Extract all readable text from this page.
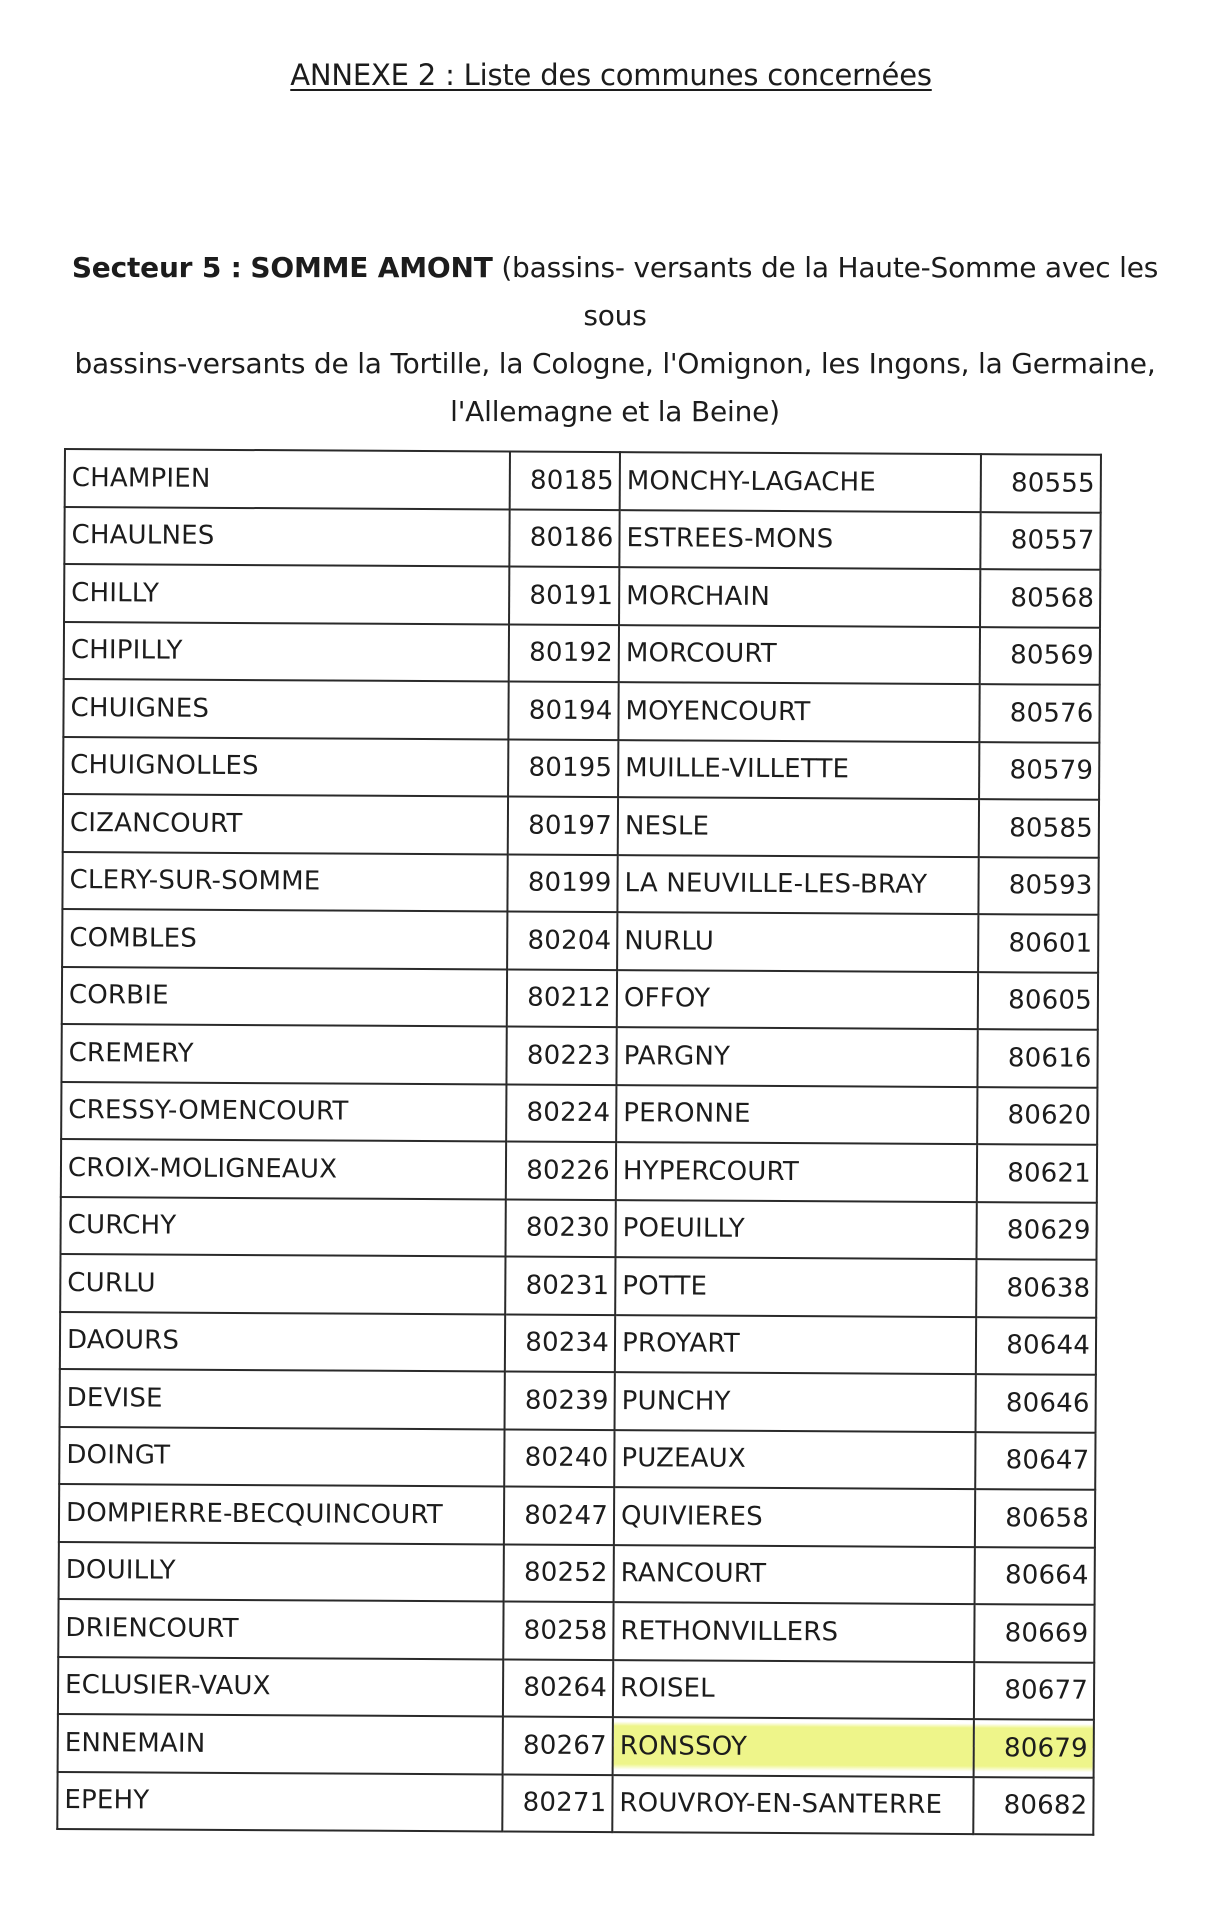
ANNEXE 2 : Liste des communes concernées
Secteur 5 : SOMME AMONT (bassins- versants de la Haute-Somme avec les sous
bassins-versants de la Tortille, la Cologne, l'Omignon, les Ingons, la Germaine,
l'Allemagne et la Beine)
CHAMPIEN	80185	MONCHY-LAGACHE	80555
CHAULNES	80186	ESTREES-MONS	80557
CHILLY	80191	MORCHAIN	80568
CHIPILLY	80192	MORCOURT	80569
CHUIGNES	80194	MOYENCOURT	80576
CHUIGNOLLES	80195	MUILLE-VILLETTE	80579
CIZANCOURT	80197	NESLE	80585
CLERY-SUR-SOMME	80199	LA NEUVILLE-LES-BRAY	80593
COMBLES	80204	NURLU	80601
CORBIE	80212	OFFOY	80605
CREMERY	80223	PARGNY	80616
CRESSY-OMENCOURT	80224	PERONNE	80620
CROIX-MOLIGNEAUX	80226	HYPERCOURT	80621
CURCHY	80230	POEUILLY	80629
CURLU	80231	POTTE	80638
DAOURS	80234	PROYART	80644
DEVISE	80239	PUNCHY	80646
DOINGT	80240	PUZEAUX	80647
DOMPIERRE-BECQUINCOURT	80247	QUIVIERES	80658
DOUILLY	80252	RANCOURT	80664
DRIENCOURT	80258	RETHONVILLERS	80669
ECLUSIER-VAUX	80264	ROISEL	80677
ENNEMAIN	80267	RONSSOY	80679
EPEHY	80271	ROUVROY-EN-SANTERRE	80682
